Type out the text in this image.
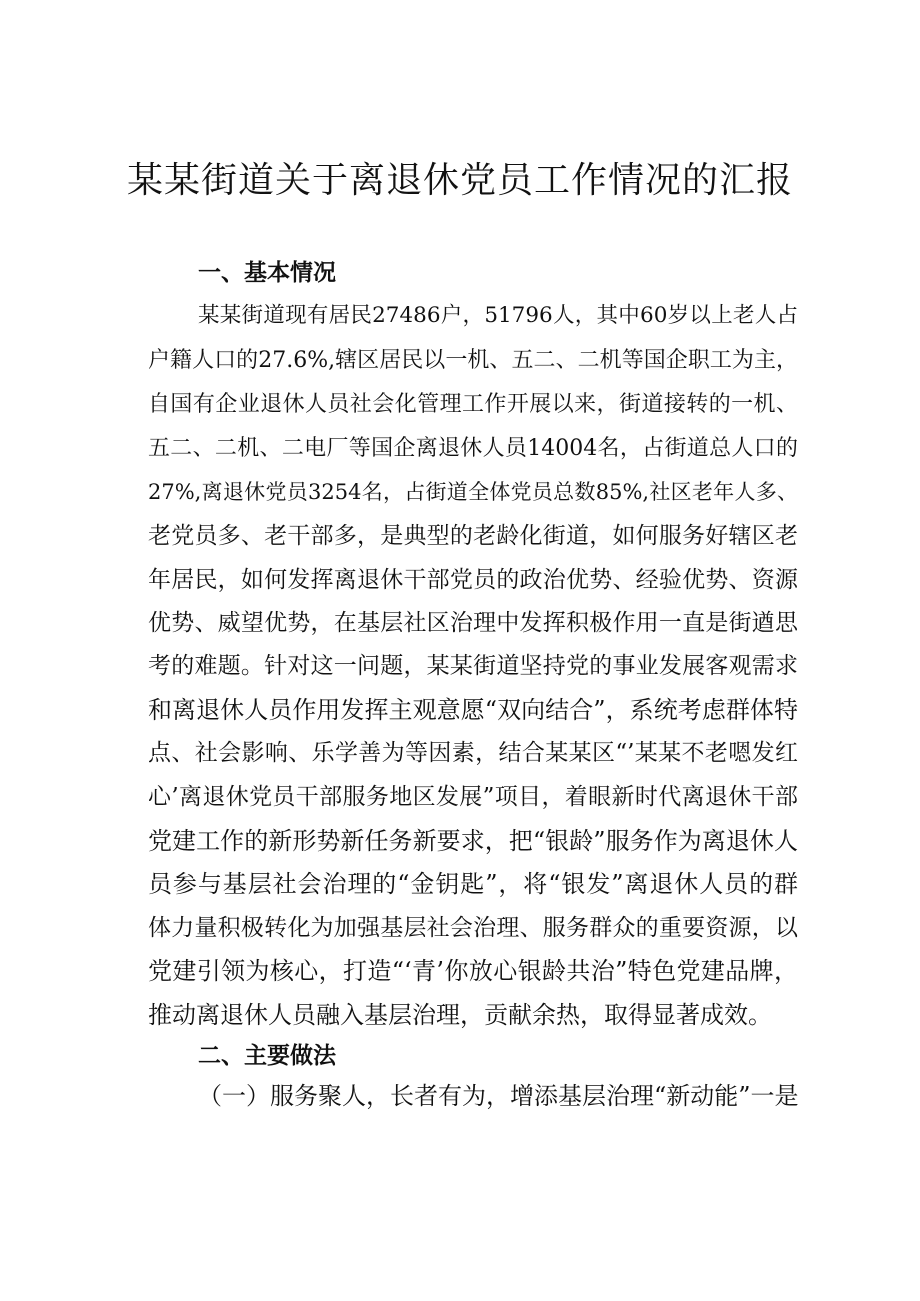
某某街道关于离退休党员工作情况的汇报
一、基本情况
某某街道现有居民27486户，51796人，其中60岁以上老人占
户籍人口的27.6%,辖区居民以一机、五二、二机等国企职工为主，
自国有企业退休人员社会化管理工作开展以来，街道接转的一机、
五二、二机、二电厂等国企离退休人员14004名，占街道总人口的
27%,离退休党员3254名，占街道全体党员总数85%,社区老年人多、
老党员多、老干部多，是典型的老龄化街道，如何服务好辖区老
年居民，如何发挥离退休干部党员的政治优势、经验优势、资源
优势、威望优势，在基层社区治理中发挥积极作用一直是街遒思
考的难题。针对这一问题，某某街道坚持党的事业发展客观需求
和离退休人员作用发挥主观意愿“双向结合”，系统考虑群体特
点、社会影响、乐学善为等因素，结合某某区“’某某不老嗯发红
心’离退休党员干部服务地区发展”项目，着眼新时代离退休干部
党建工作的新形势新任务新要求，把“银龄”服务作为离退休人
员参与基层社会治理的“金钥匙”，将“银发”离退休人员的群
体力量积极转化为加强基层社会治理、服务群众的重要资源，以
党建引领为核心，打造“‘青’你放心银龄共治”特色党建品牌，
推动离退休人员融入基层治理，贡献余热，取得显著成效。
二、主要做法
（一）服务聚人，长者有为，增添基层治理“新动能”一是
